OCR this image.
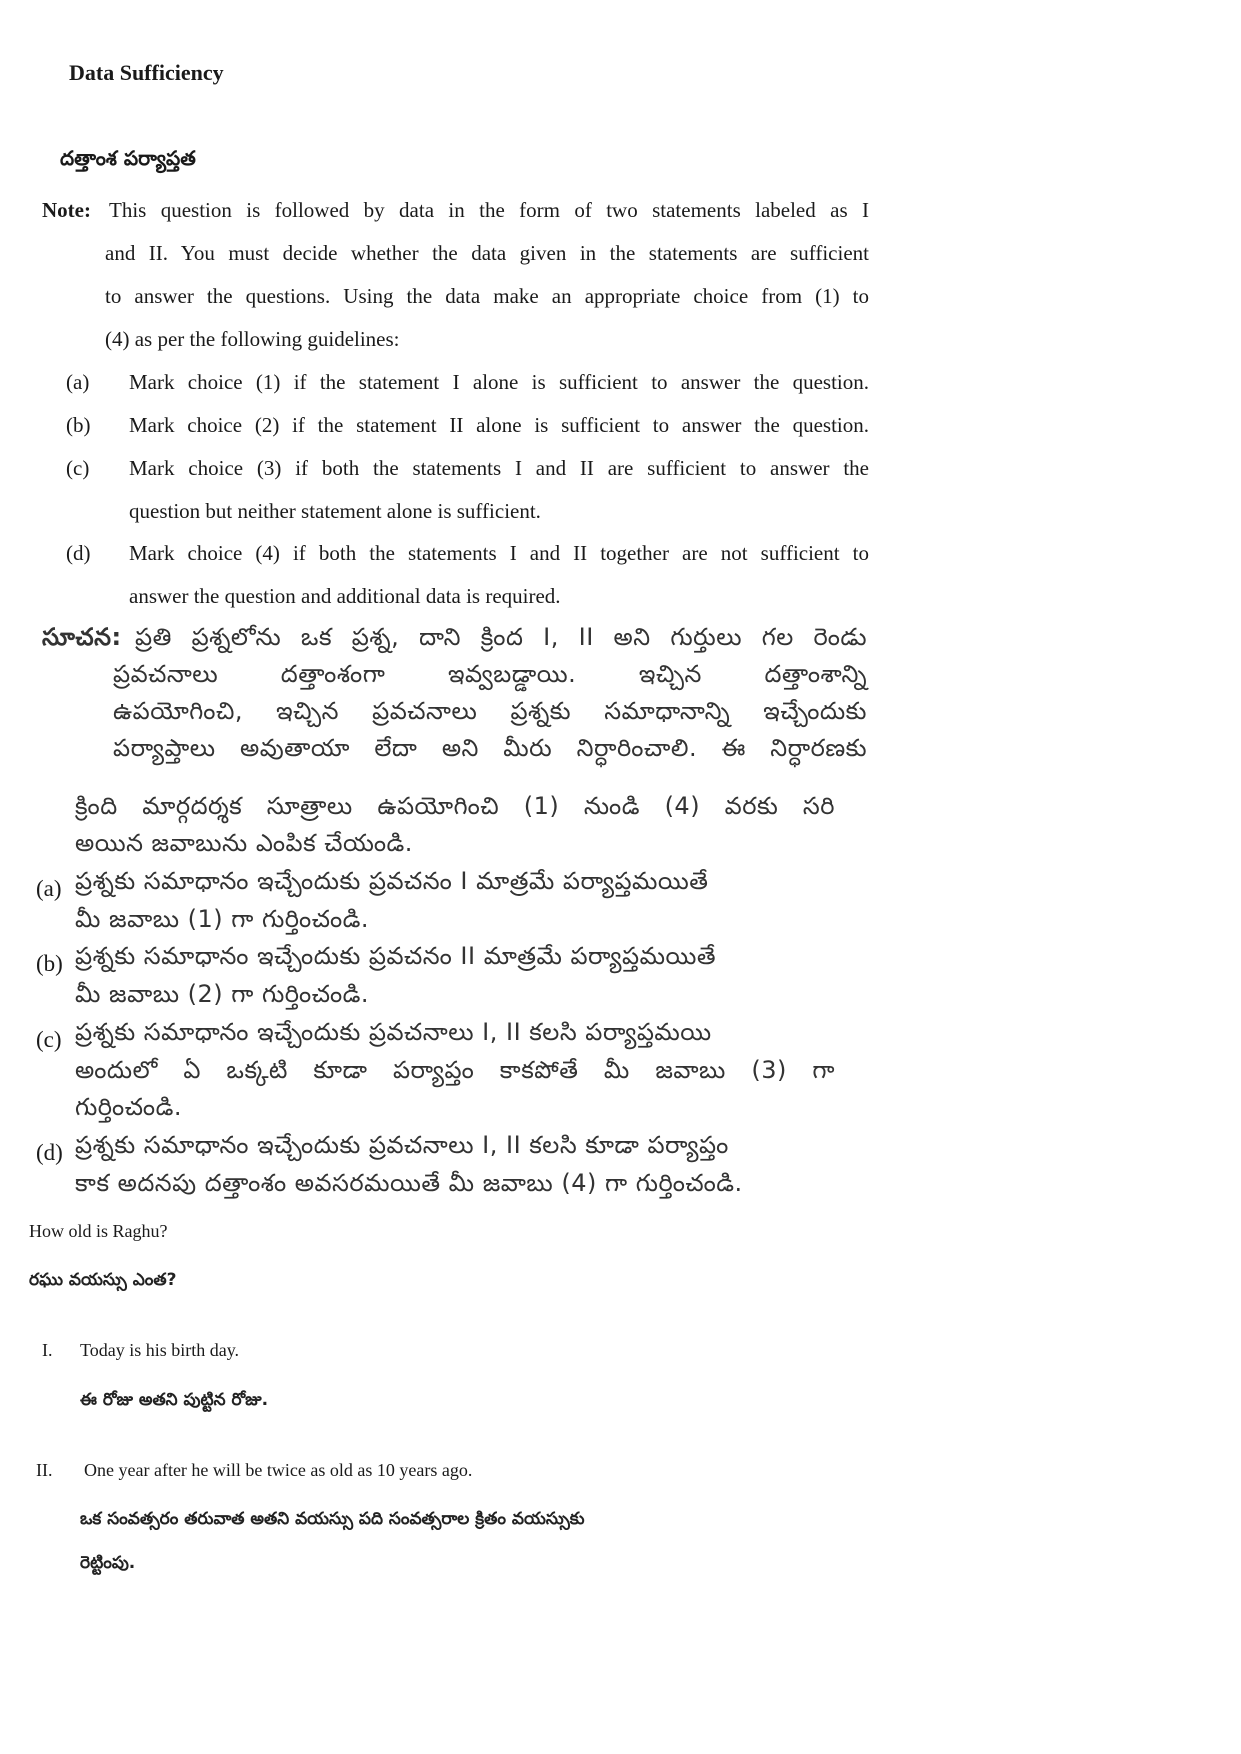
Data Sufficiency
దత్తాంశ పర్యాప్తత
Note: This question is followed by data in the form of two statements labeled as I
and II. You must decide whether the data given in the statements are sufficient
to answer the questions. Using the data make an appropriate choice from (1) to
(4) as per the following guidelines:
(a) Mark choice (1) if the statement I alone is sufficient to answer the question.
(b) Mark choice (2) if the statement II alone is sufficient to answer the question.
(c) Mark choice (3) if both the statements I and II are sufficient to answer the
question but neither statement alone is sufficient.
(d) Mark choice (4) if both the statements I and II together are not sufficient to
answer the question and additional data is required.
సూచన: ప్రతి ప్రశ్నలోను ఒక ప్రశ్న, దాని క్రింద I, II అని గుర్తులు గల రెండు
ప్రవచనాలు దత్తాంశంగా ఇవ్వబడ్డాయి. ఇచ్చిన దత్తాంశాన్ని
ఉపయోగించి, ఇచ్చిన ప్రవచనాలు ప్రశ్నకు సమాధానాన్ని ఇచ్చేందుకు
పర్యాప్తాలు అవుతాయా లేదా అని మీరు నిర్ధారించాలి. ఈ నిర్ధారణకు
క్రింది మార్గదర్శక సూత్రాలు ఉపయోగించి (1) నుండి (4) వరకు సరి
అయిన జవాబును ఎంపిక చేయండి.
(a) ప్రశ్నకు సమాధానం ఇచ్చేందుకు ప్రవచనం I మాత్రమే పర్యాప్తమయితే
మీ జవాబు (1) గా గుర్తించండి.
(b) ప్రశ్నకు సమాధానం ఇచ్చేందుకు ప్రవచనం II మాత్రమే పర్యాప్తమయితే
మీ జవాబు (2) గా గుర్తించండి.
(c) ప్రశ్నకు సమాధానం ఇచ్చేందుకు ప్రవచనాలు I, II కలసి పర్యాప్తమయి
అందులో ఏ ఒక్కటి కూడా పర్యాప్తం కాకపోతే మీ జవాబు (3) గా
గుర్తించండి.
(d) ప్రశ్నకు సమాధానం ఇచ్చేందుకు ప్రవచనాలు I, II కలసి కూడా పర్యాప్తం
కాక అదనపు దత్తాంశం అవసరమయితే మీ జవాబు (4) గా గుర్తించండి.
How old is Raghu?
రఘు వయస్సు ఎంత?
I. Today is his birth day.
ఈ రోజు అతని పుట్టిన రోజు.
II. One year after he will be twice as old as 10 years ago.
ఒక సంవత్సరం తరువాత అతని వయస్సు పది సంవత్సరాల క్రితం వయస్సుకు
రెట్టింపు.
